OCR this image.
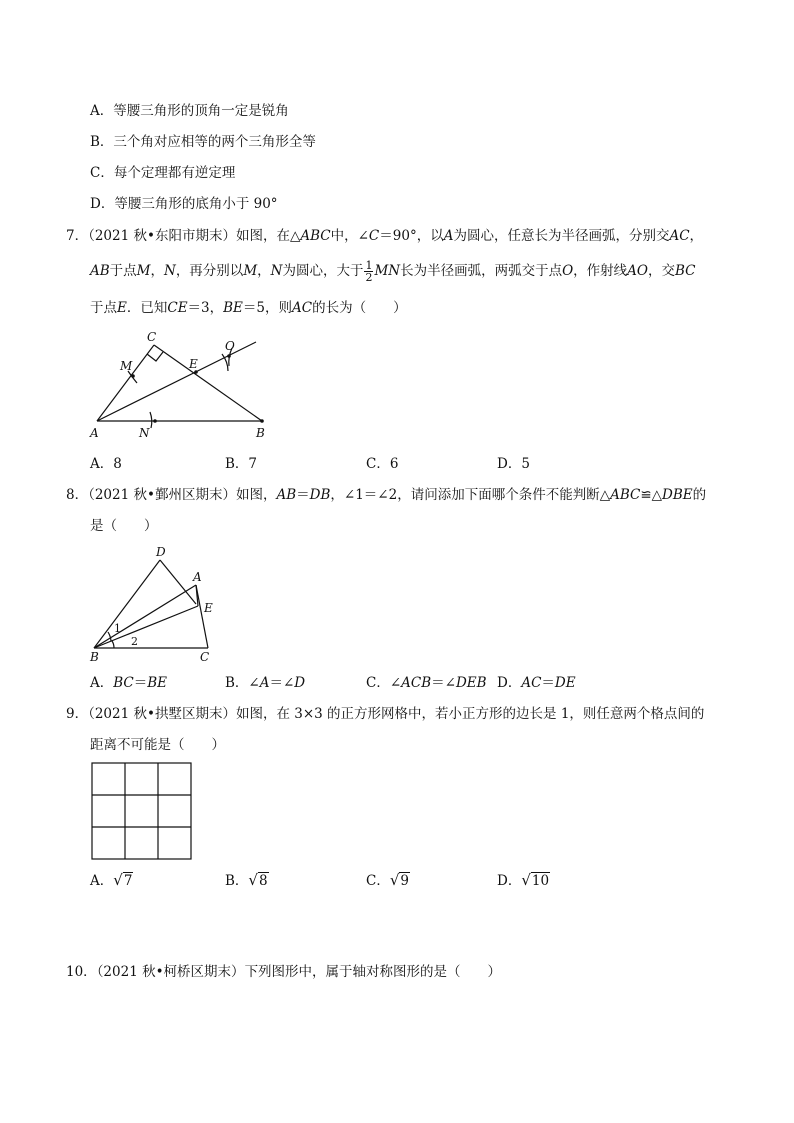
A．等腰三角形的顶角一定是锐角
B．三个角对应相等的两个三角形全等
C．每个定理都有逆定理
D．等腰三角形的底角小于 90°
7．（2021 秋•东阳市期末）如图，在△ABC中，∠C＝90°，以A为圆心，任意长为半径画弧，分别交AC，
AB于点M，N，再分别以M，N为圆心，大于 $\frac{1}{2}$ MN长为半径画弧，两弧交于点O，作射线AO，交BC
于点E．已知CE＝3，BE＝5，则AC的长为（　　）
C
M	E
O
A	N	B
A．8	B．7	C．6	D．5
8．（2021 秋•鄞州区期末）如图，AB＝DB，∠1＝∠2，请问添加下面哪个条件不能判断△ABC≌△DBE的
是（　　）
D
A
E
B	C
1
2
A．BC＝BE	B．∠A＝∠D	C．∠ACB＝∠DEB D．AC＝DE
9．（2021 秋•拱墅区期末）如图，在 3×3 的正方形网格中，若小正方形的边长是 1，则任意两个格点间的
距离不可能是（　　）
A．√7	B．√8	C．√9	D．√10
10．（2021 秋•柯桥区期末）下列图形中，属于轴对称图形的是（　　）
